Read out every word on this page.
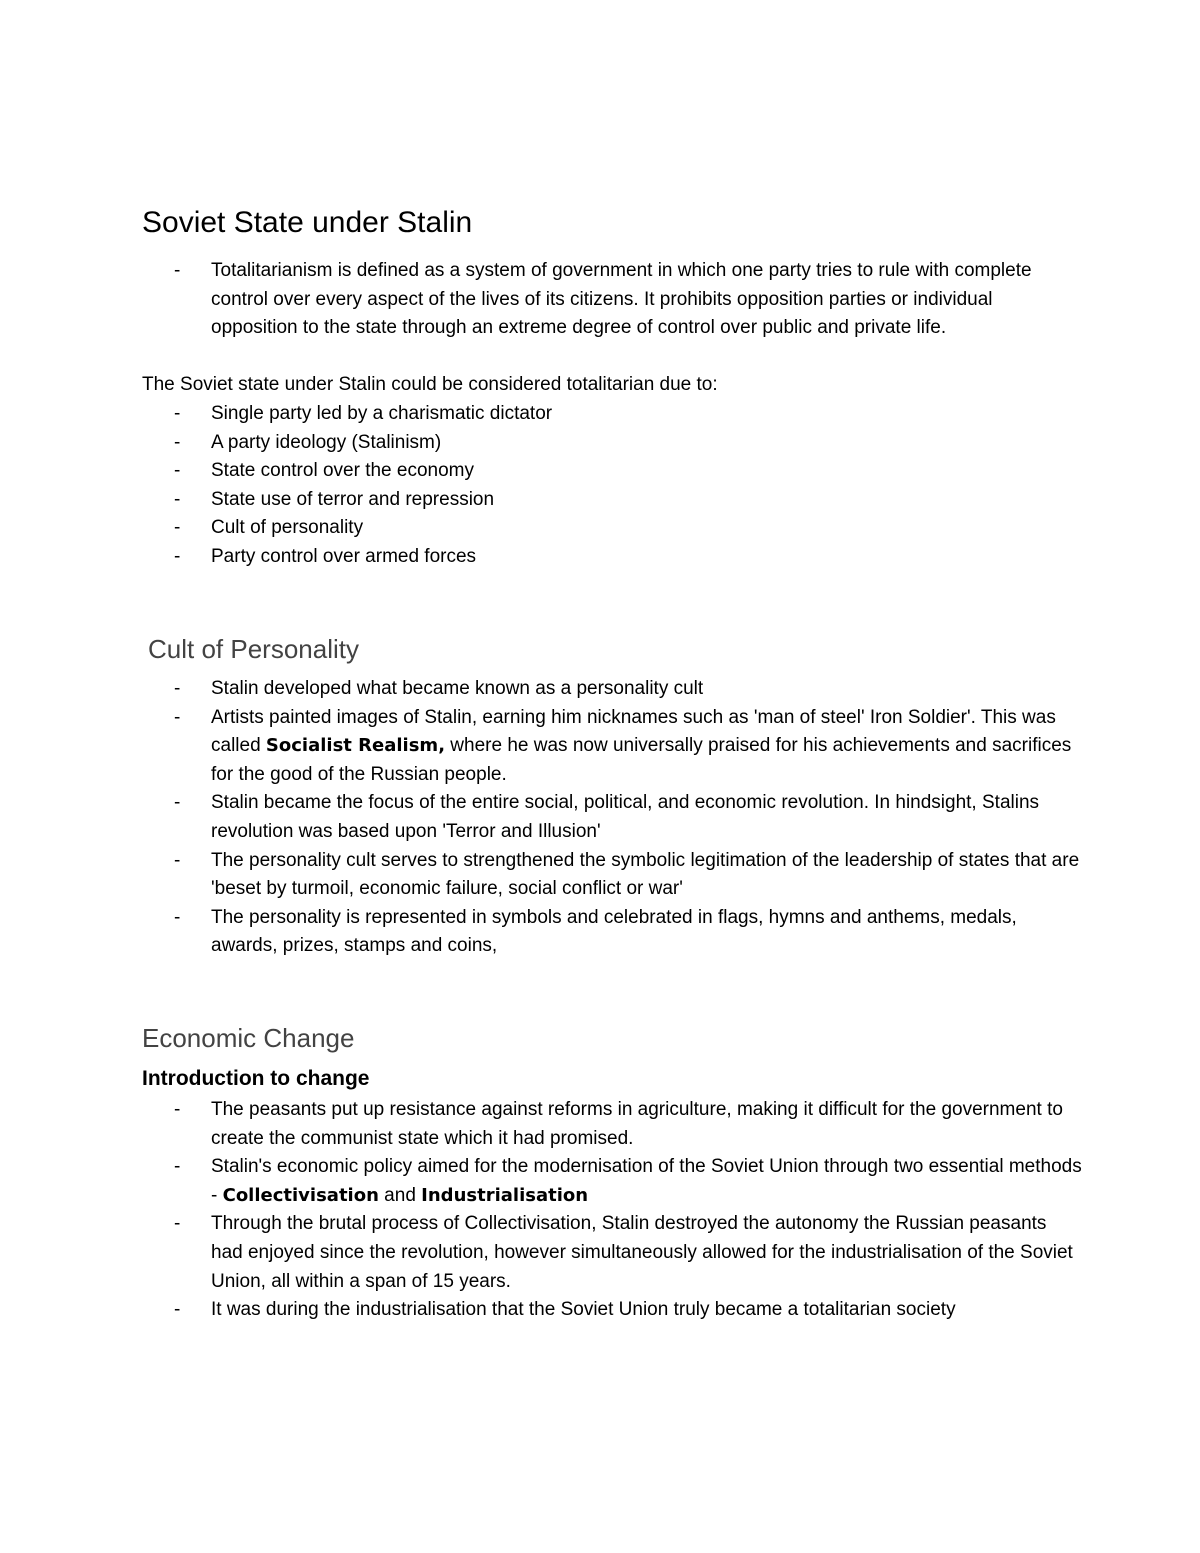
Soviet State under Stalin
- Totalitarianism is defined as a system of government in which one party tries to rule with complete control over every aspect of the lives of its citizens. It prohibits opposition parties or individual opposition to the state through an extreme degree of control over public and private life.
The Soviet state under Stalin could be considered totalitarian due to:
- Single party led by a charismatic dictator
- A party ideology (Stalinism)
- State control over the economy
- State use of terror and repression
- Cult of personality
- Party control over armed forces
Cult of Personality
- Stalin developed what became known as a personality cult
- Artists painted images of Stalin, earning him nicknames such as 'man of steel' Iron Soldier'. This was called Socialist Realism, where he was now universally praised for his achievements and sacrifices for the good of the Russian people.
- Stalin became the focus of the entire social, political, and economic revolution. In hindsight, Stalins revolution was based upon 'Terror and Illusion'
- The personality cult serves to strengthened the symbolic legitimation of the leadership of states that are 'beset by turmoil, economic failure, social conflict or war'
- The personality is represented in symbols and celebrated in flags, hymns and anthems, medals, awards, prizes, stamps and coins,
Economic Change
Introduction to change
- The peasants put up resistance against reforms in agriculture, making it difficult for the government to create the communist state which it had promised.
- Stalin's economic policy aimed for the modernisation of the Soviet Union through two essential methods - Collectivisation and Industrialisation
- Through the brutal process of Collectivisation, Stalin destroyed the autonomy the Russian peasants had enjoyed since the revolution, however simultaneously allowed for the industrialisation of the Soviet Union, all within a span of 15 years.
- It was during the industrialisation that the Soviet Union truly became a totalitarian society
